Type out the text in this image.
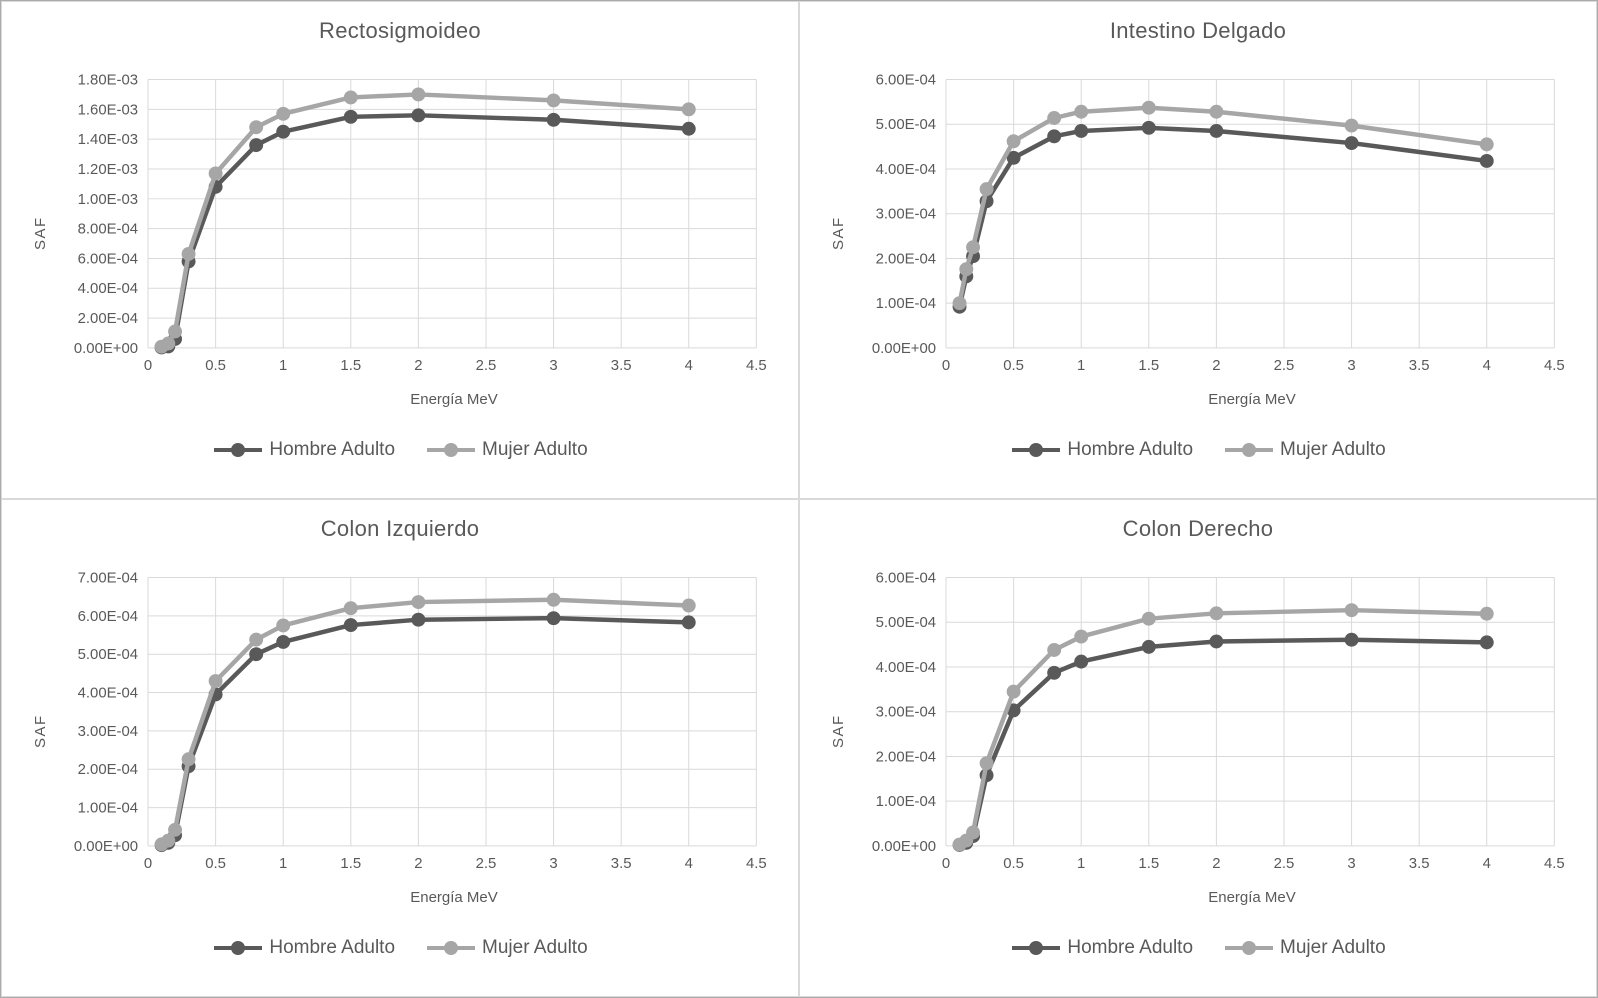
0.00E+00
2.00E-04
4.00E-04
6.00E-04
8.00E-04
1.00E-03
1.20E-03
1.40E-03
1.60E-03
1.80E-03
0	0.5	1	1.5	2	2.5	3	3.5	4	4.5
Rectosigmoideo
SAF
Energía MeV
Hombre Adulto	Mujer Adulto
0.00E+00
1.00E-04
2.00E-04
3.00E-04
4.00E-04
5.00E-04
6.00E-04
0	0.5	1	1.5	2	2.5	3	3.5	4	4.5
Intestino Delgado
SAF
Energía MeV
Hombre Adulto	Mujer Adulto
0.00E+00
1.00E-04
2.00E-04
3.00E-04
4.00E-04
5.00E-04
6.00E-04
7.00E-04
0	0.5	1	1.5	2	2.5	3	3.5	4	4.5
Colon Izquierdo
SAF
Energía MeV
Hombre Adulto	Mujer Adulto
0.00E+00
1.00E-04
2.00E-04
3.00E-04
4.00E-04
5.00E-04
6.00E-04
0	0.5	1	1.5	2	2.5	3	3.5	4	4.5
Colon Derecho
SAF
Energía MeV
Hombre Adulto	Mujer Adulto
